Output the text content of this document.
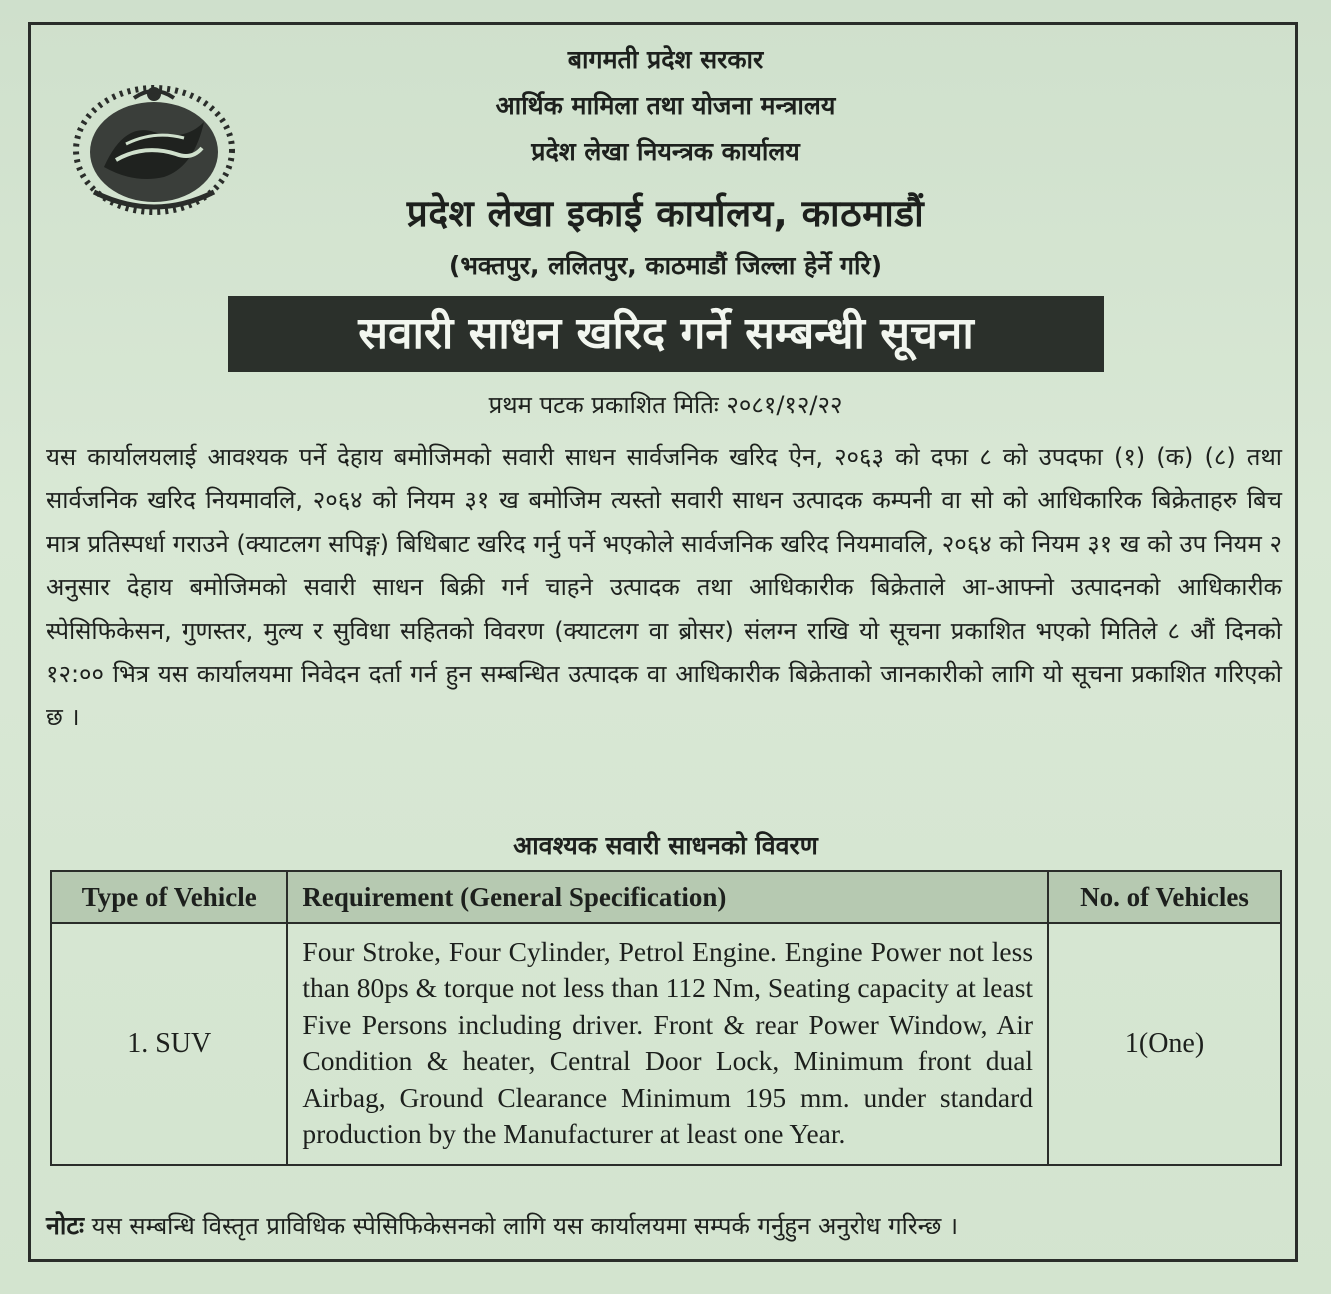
बागमती प्रदेश सरकार
आर्थिक मामिला तथा योजना मन्त्रालय
प्रदेश लेखा नियन्त्रक कार्यालय
प्रदेश लेखा इकाई कार्यालय, काठमाडौं
(भक्तपुर, ललितपुर, काठमाडौं जिल्ला हेर्ने गरि)
सवारी साधन खरिद गर्ने सम्बन्धी सूचना
प्रथम पटक प्रकाशित मितिः २०८१/१२/२२
यस कार्यालयलाई आवश्यक पर्ने देहाय बमोजिमको सवारी साधन सार्वजनिक खरिद ऐन, २०६३ को दफा ८ को उपदफा (१) (क) (८) तथा सार्वजनिक खरिद नियमावलि, २०६४ को नियम ३१ ख बमोजिम त्यस्तो सवारी साधन उत्पादक कम्पनी वा सो को आधिकारिक बिक्रेताहरु बिच मात्र प्रतिस्पर्धा गराउने (क्याटलग सपिङ्ग) बिधिबाट खरिद गर्नु पर्ने भएकोले सार्वजनिक खरिद नियमावलि, २०६४ को नियम ३१ ख को उप नियम २ अनुसार देहाय बमोजिमको सवारी साधन बिक्री गर्न चाहने उत्पादक तथा आधिकारीक बिक्रेताले आ-आफ्नो उत्पादनको आधिकारीक स्पेसिफिकेसन, गुणस्तर, मुल्य र सुविधा सहितको विवरण (क्याटलग वा ब्रोसर) संलग्न राखि यो सूचना प्रकाशित भएको मितिले ८ औं दिनको १२:०० भित्र यस कार्यालयमा निवेदन दर्ता गर्न हुन सम्बन्धित उत्पादक वा आधिकारीक बिक्रेताको जानकारीको लागि यो सूचना प्रकाशित गरिएको छ ।
आवश्यक सवारी साधनको विवरण
Type of Vehicle	Requirement (General Specification)	No. of Vehicles
1. SUV	Four Stroke, Four Cylinder, Petrol Engine. Engine Power not less than 80ps & torque not less than 112 Nm, Seating capacity at least Five Persons including driver. Front & rear Power Window, Air Condition & heater, Central Door Lock, Minimum front dual Airbag, Ground Clearance Minimum 195 mm. under standard production by the Manufacturer at least one Year.	1(One)
नोटः यस सम्बन्धि विस्तृत प्राविधिक स्पेसिफिकेसनको लागि यस कार्यालयमा सम्पर्क गर्नुहुन अनुरोध गरिन्छ ।
